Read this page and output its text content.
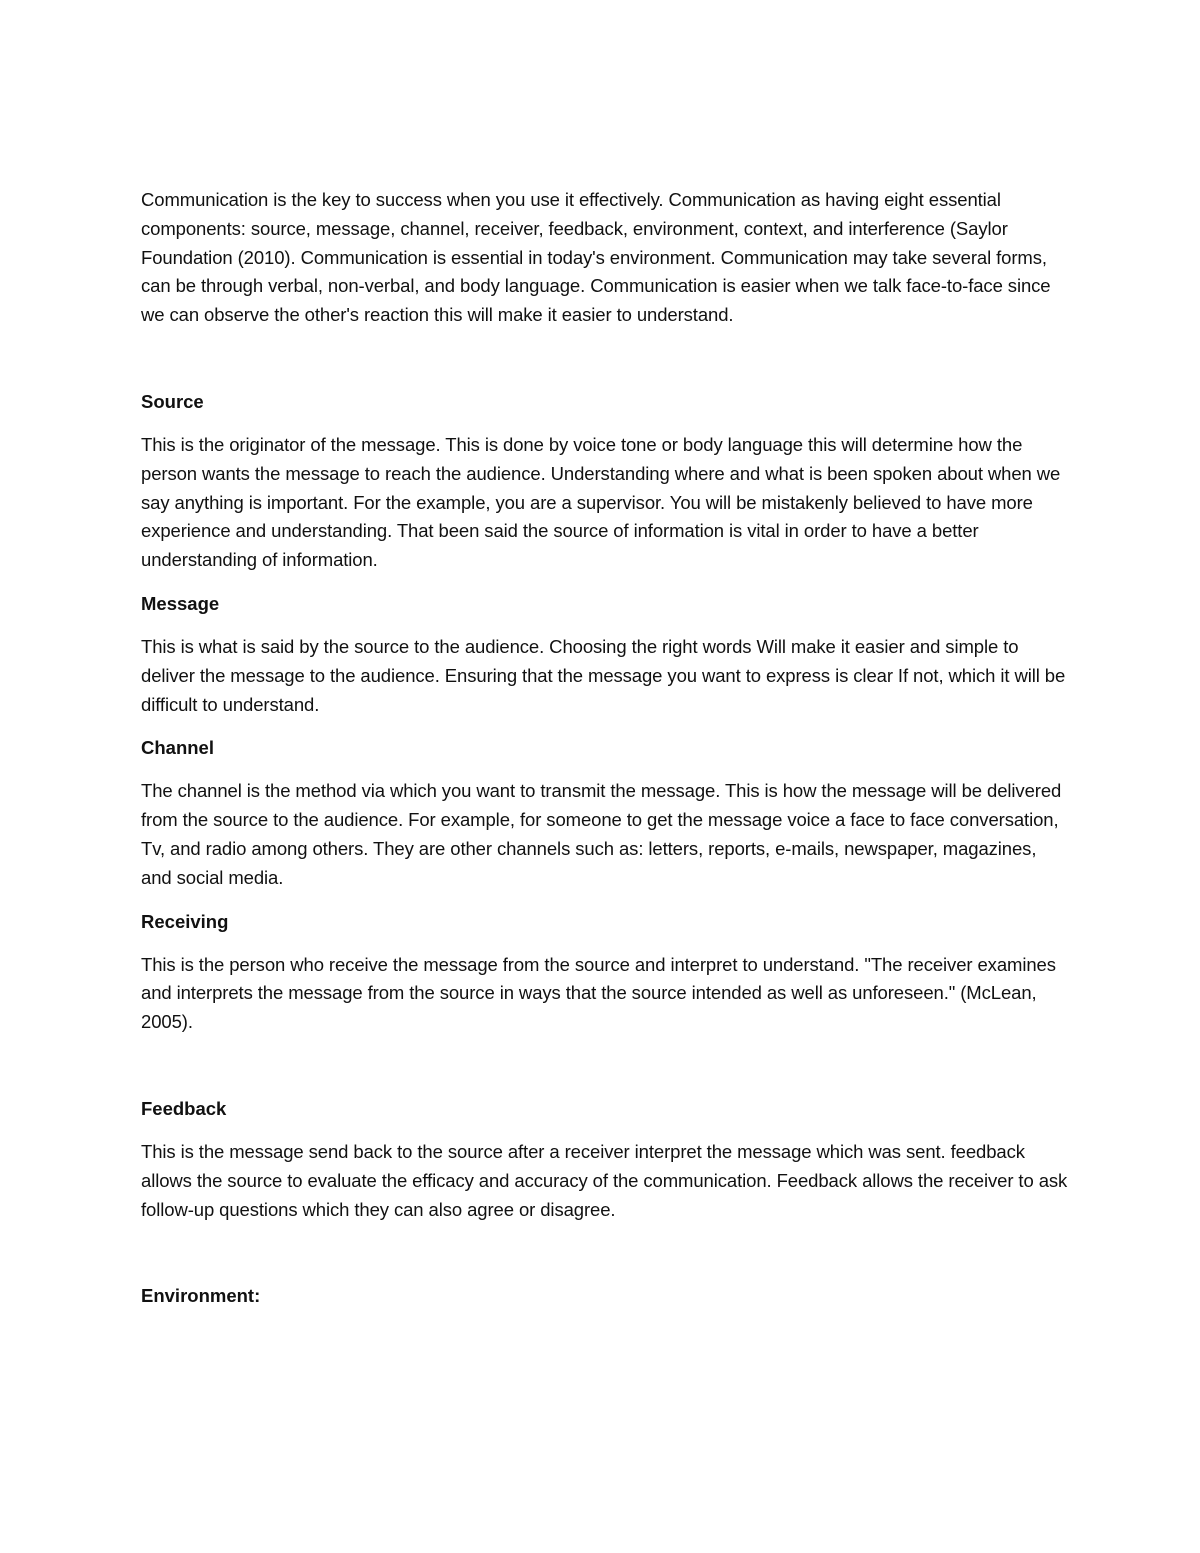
Communication is the key to success when you use it effectively. Communication as having eight essential components: source, message, channel, receiver, feedback, environment, context, and interference (Saylor Foundation (2010). Communication is essential in today's environment. Communication may take several forms, can be through verbal, non-verbal, and body language. Communication is easier when we talk face-to-face since we can observe the other's reaction this will make it easier to understand.

Source

This is the originator of the message. This is done by voice tone or body language this will determine how the person wants the message to reach the audience. Understanding where and what is been spoken about when we say anything is important. For the example, you are a supervisor. You will be mistakenly believed to have more experience and understanding. That been said the source of information is vital in order to have a better understanding of information.

Message

This is what is said by the source to the audience. Choosing the right words Will make it easier and simple to deliver the message to the audience. Ensuring that the message you want to express is clear If not, which it will be difficult to understand.

Channel

The channel is the method via which you want to transmit the message. This is how the message will be delivered from the source to the audience. For example, for someone to get the message voice a face to face conversation, Tv, and radio among others. They are other channels such as: letters, reports, e-mails, newspaper, magazines, and social media.

Receiving

This is the person who receive the message from the source and interpret to understand. "The receiver examines and interprets the message from the source in ways that the source intended as well as unforeseen." (McLean, 2005).

Feedback

This is the message send back to the source after a receiver interpret the message which was sent. feedback allows the source to evaluate the efficacy and accuracy of the communication. Feedback allows the receiver to ask follow-up questions which they can also agree or disagree.

Environment:
